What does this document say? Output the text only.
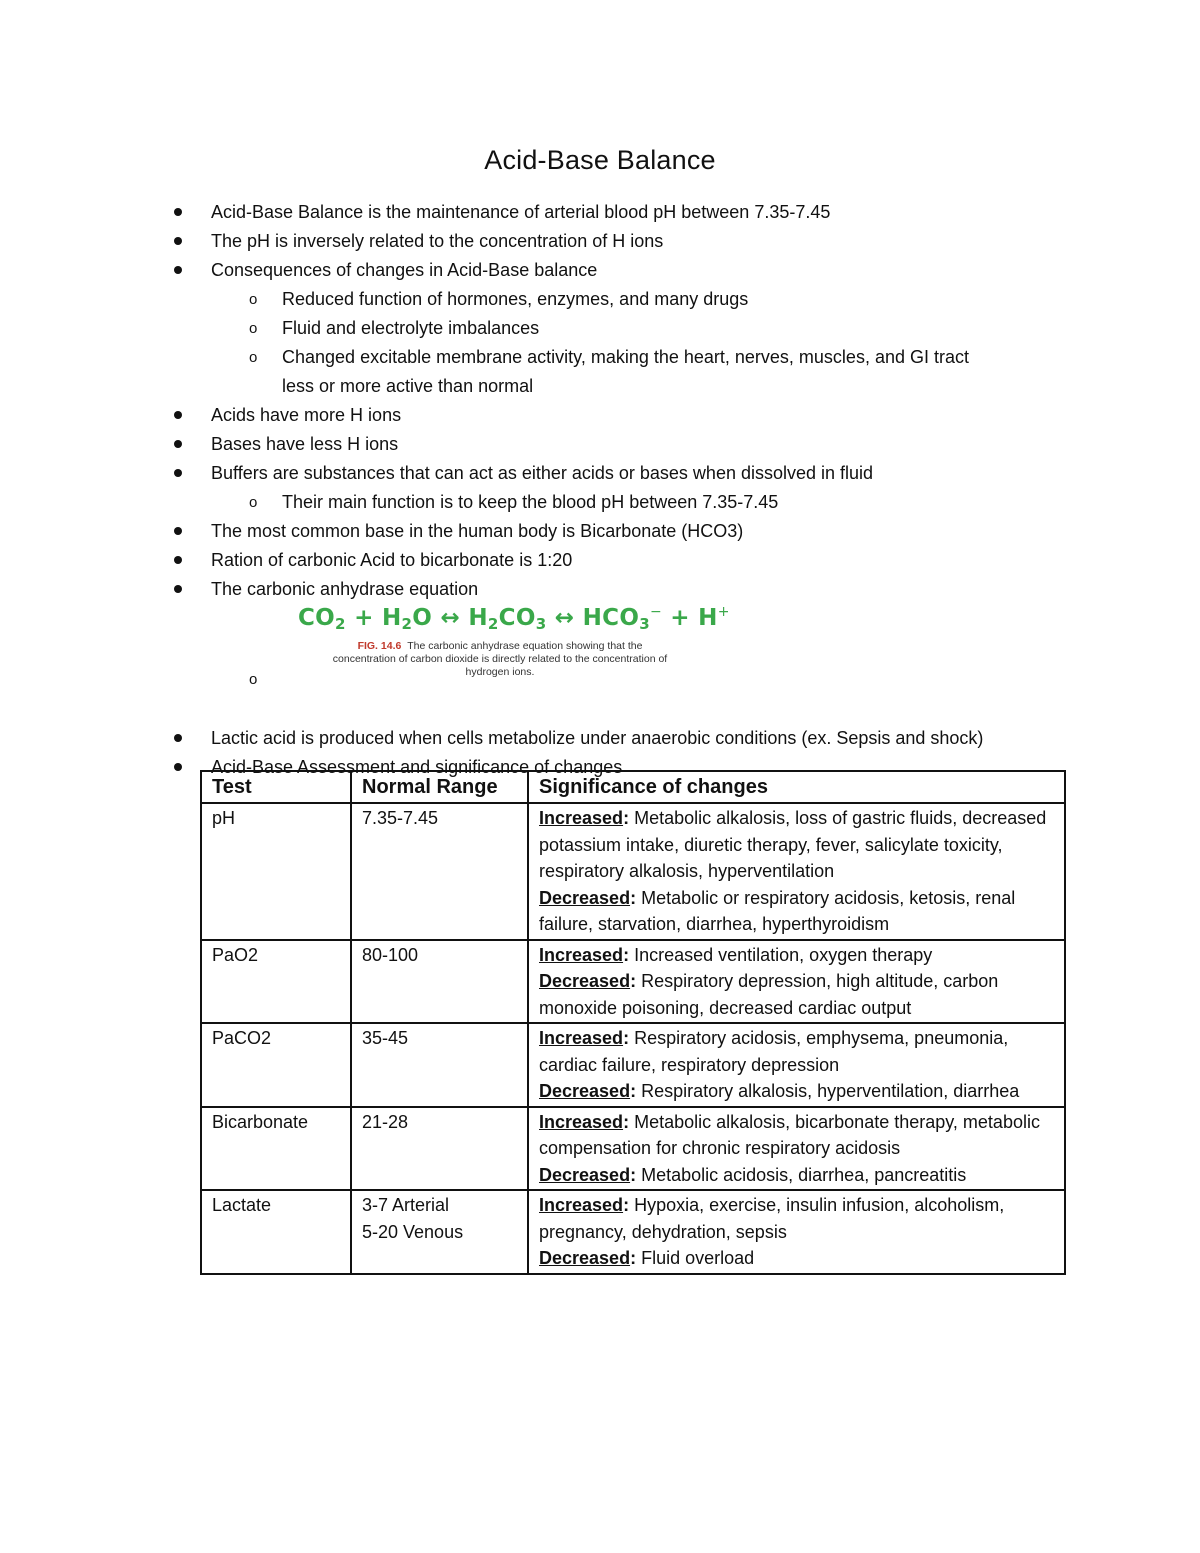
Acid-Base Balance
Acid-Base Balance is the maintenance of arterial blood pH between 7.35-7.45
The pH is inversely related to the concentration of H ions
Consequences of changes in Acid-Base balance
o Reduced function of hormones, enzymes, and many drugs
o Fluid and electrolyte imbalances
o Changed excitable membrane activity, making the heart, nerves, muscles, and GI tract
less or more active than normal
Acids have more H ions
Bases have less H ions
Buffers are substances that can act as either acids or bases when dissolved in fluid
o Their main function is to keep the blood pH between 7.35-7.45
The most common base in the human body is Bicarbonate (HCO3)
Ration of carbonic Acid to bicarbonate is 1:20
The carbonic anhydrase equation
$CO_2 + H_2O$ ↔ $H_2CO_3$ ↔ $HCO_3^- + H^+$
FIG. 14.6 The carbonic anhydrase equation showing that the concentration of carbon dioxide is directly related to the concentration of hydrogen ions.
o
Lactic acid is produced when cells metabolize under anaerobic conditions (ex. Sepsis and shock)
Acid-Base Assessment and significance of changes
Test	Normal Range	Significance of changes
pH	7.35-7.45	Increased: Metabolic alkalosis, loss of gastric fluids, decreased potassium intake, diuretic therapy, fever, salicylate toxicity, respiratory alkalosis, hyperventilation
Decreased: Metabolic or respiratory acidosis, ketosis, renal failure, starvation, diarrhea, hyperthyroidism
PaO2	80-100	Increased: Increased ventilation, oxygen therapy
Decreased: Respiratory depression, high altitude, carbon monoxide poisoning, decreased cardiac output
PaCO2	35-45	Increased: Respiratory acidosis, emphysema, pneumonia, cardiac failure, respiratory depression
Decreased: Respiratory alkalosis, hyperventilation, diarrhea
Bicarbonate	21-28	Increased: Metabolic alkalosis, bicarbonate therapy, metabolic compensation for chronic respiratory acidosis
Decreased: Metabolic acidosis, diarrhea, pancreatitis
Lactate	3-7 Arterial
5-20 Venous	Increased: Hypoxia, exercise, insulin infusion, alcoholism, pregnancy, dehydration, sepsis
Decreased: Fluid overload
